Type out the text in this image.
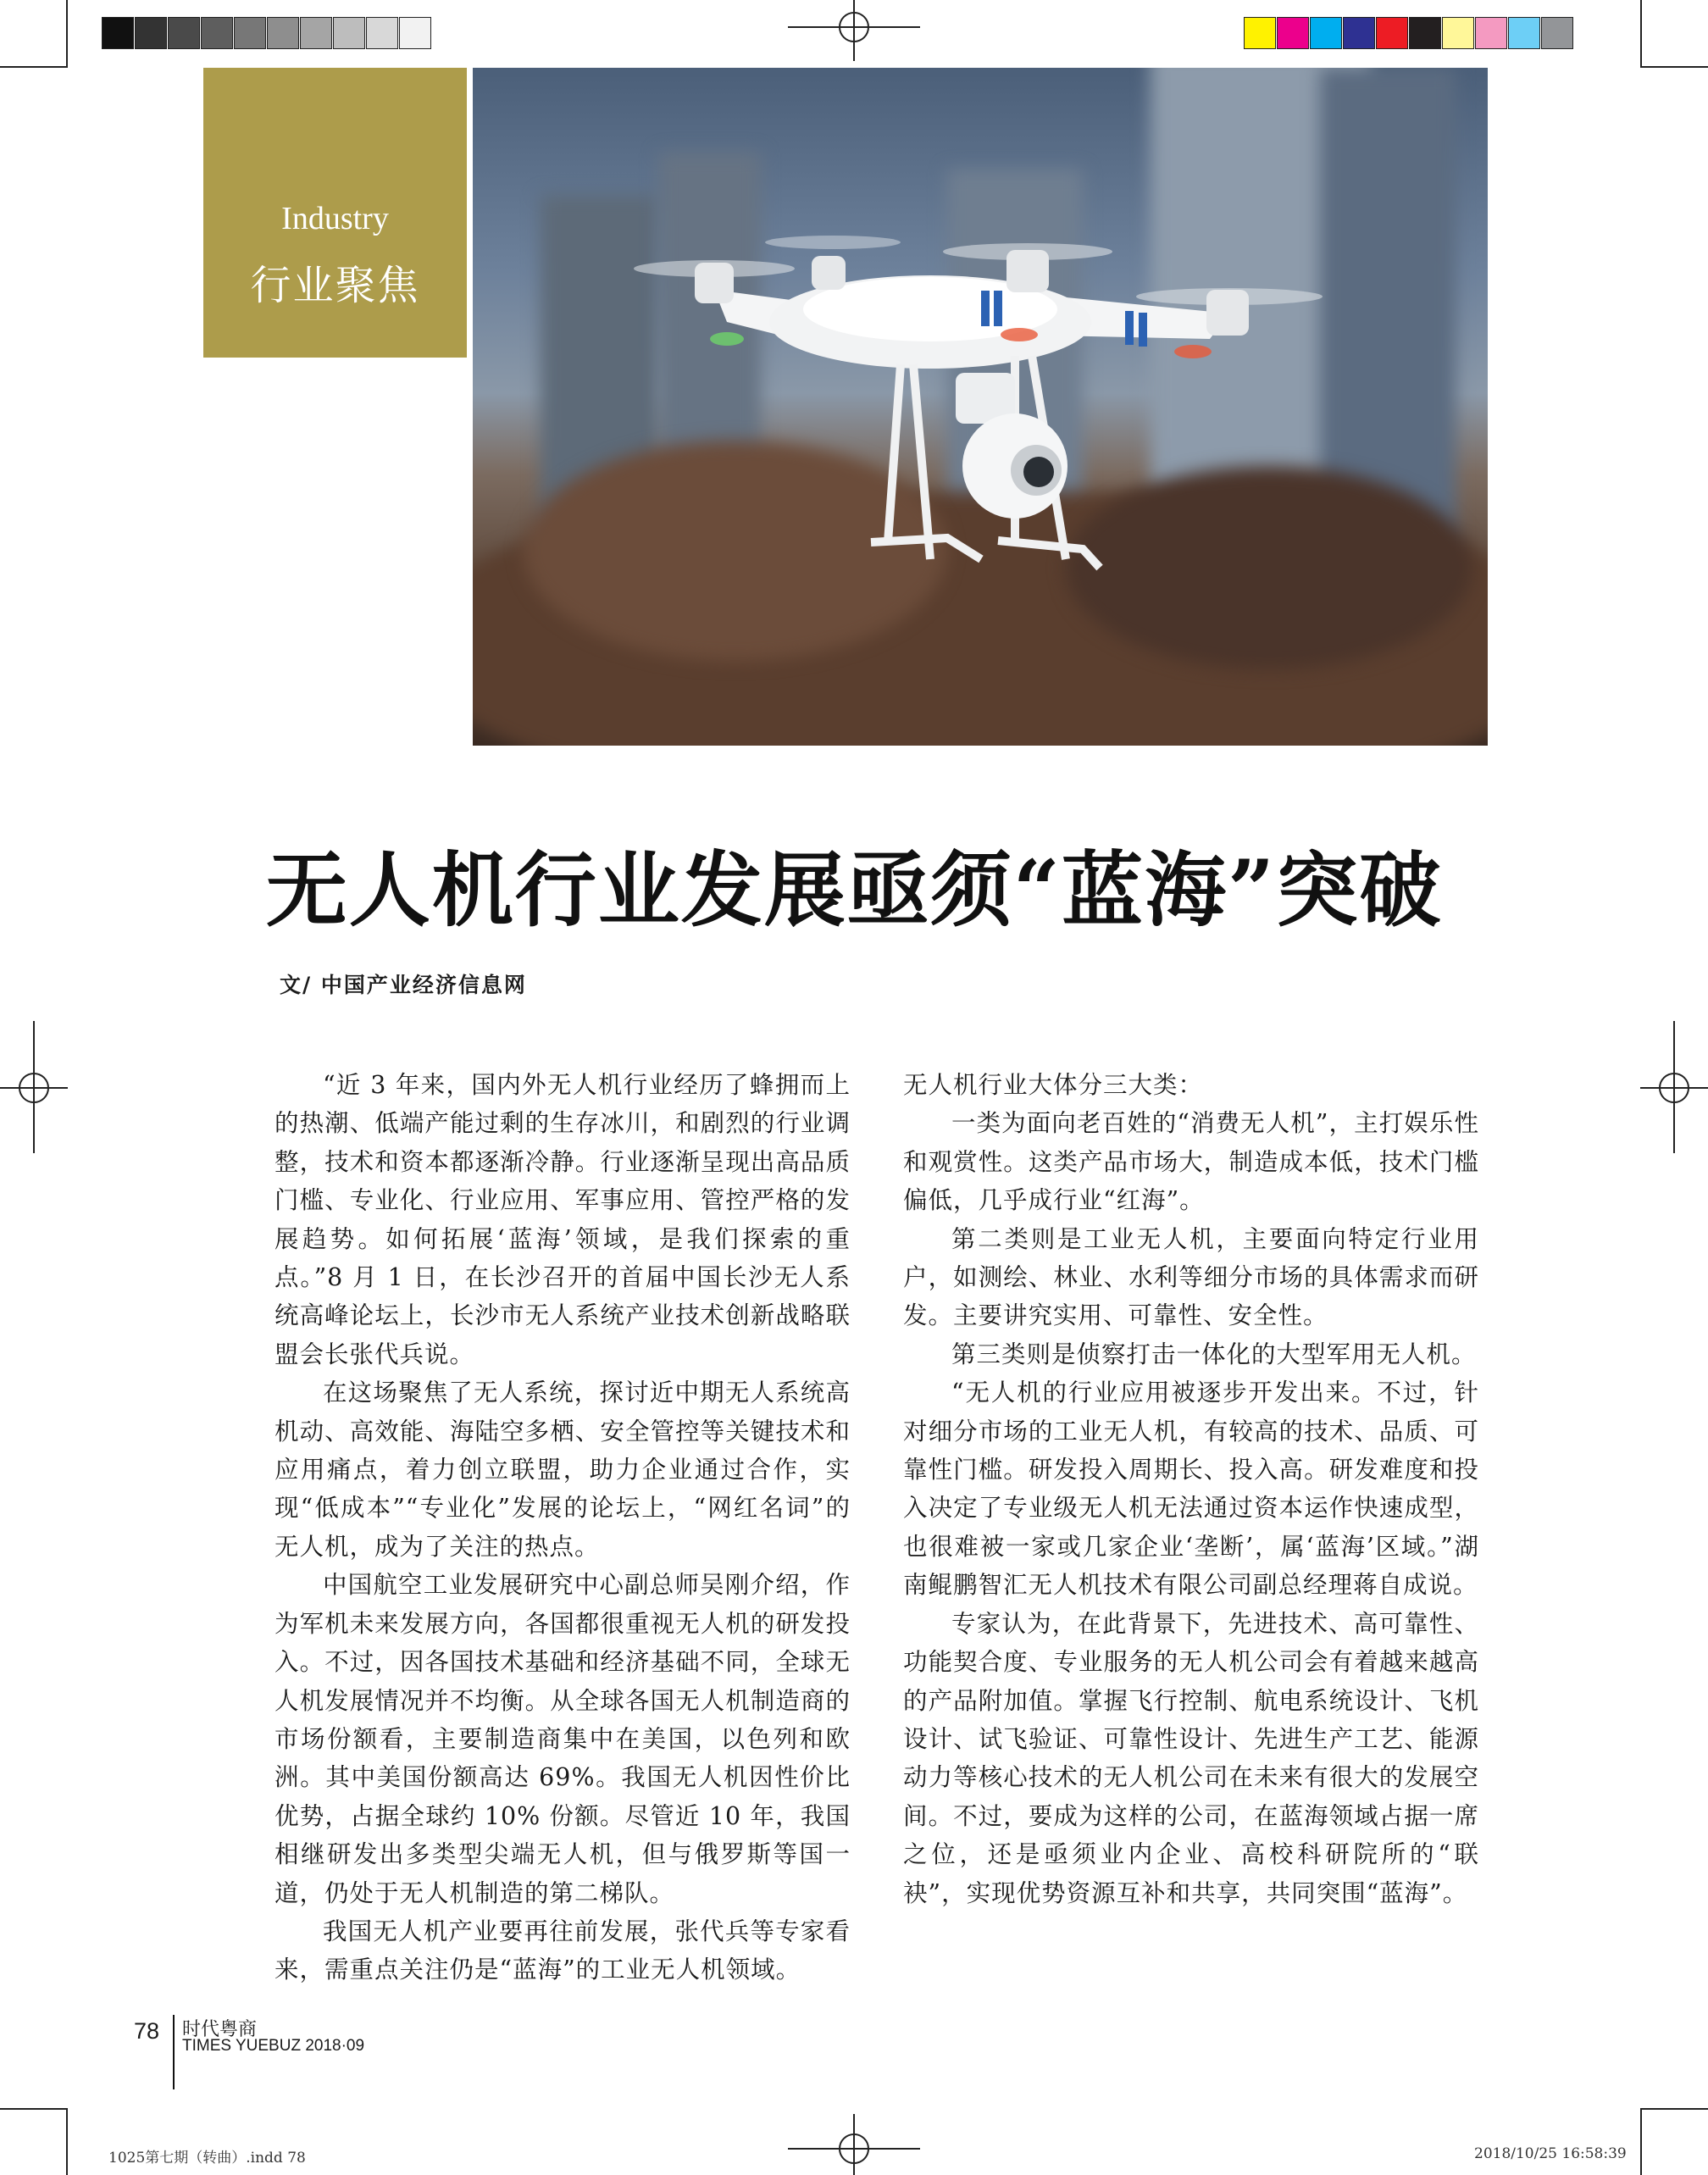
Industry
行业聚焦
无人机行业发展亟须“蓝海”突破
文/ 中国产业经济信息网

“近 3 年来，国内外无人机行业经历了蜂拥而上的热潮、低端产能过剩的生存冰川，和剧烈的行业调整，技术和资本都逐渐冷静。行业逐渐呈现出高品质门槛、专业化、行业应用、军事应用、管控严格的发展趋势。如何拓展‘蓝海’领域，是我们探索的重点。”8 月 1 日，在长沙召开的首届中国长沙无人系统高峰论坛上，长沙市无人系统产业技术创新战略联盟会长张代兵说。

在这场聚焦了无人系统，探讨近中期无人系统高机动、高效能、海陆空多栖、安全管控等关键技术和应用痛点，着力创立联盟，助力企业通过合作，实现“低成本”“专业化”发展的论坛上，“网红名词”的无人机，成为了关注的热点。

中国航空工业发展研究中心副总师吴刚介绍，作为军机未来发展方向，各国都很重视无人机的研发投入。不过，因各国技术基础和经济基础不同，全球无人机发展情况并不均衡。从全球各国无人机制造商的市场份额看，主要制造商集中在美国，以色列和欧洲。其中美国份额高达 69%。我国无人机因性价比优势，占据全球约 10% 份额。尽管近 10 年，我国相继研发出多类型尖端无人机，但与俄罗斯等国一道，仍处于无人机制造的第二梯队。

我国无人机产业要再往前发展，张代兵等专家看来，需重点关注仍是“蓝海”的工业无人机领域。

无人机行业大体分三大类：

一类为面向老百姓的“消费无人机”，主打娱乐性和观赏性。这类产品市场大，制造成本低，技术门槛偏低，几乎成行业“红海”。

第二类则是工业无人机，主要面向特定行业用户，如测绘、林业、水利等细分市场的具体需求而研发。主要讲究实用、可靠性、安全性。

第三类则是侦察打击一体化的大型军用无人机。

“无人机的行业应用被逐步开发出来。不过，针对细分市场的工业无人机，有较高的技术、品质、可靠性门槛。研发投入周期长、投入高。研发难度和投入决定了专业级无人机无法通过资本运作快速成型，也很难被一家或几家企业‘垄断’，属‘蓝海’区域。”湖南鲲鹏智汇无人机技术有限公司副总经理蒋自成说。

专家认为，在此背景下，先进技术、高可靠性、功能契合度、专业服务的无人机公司会有着越来越高的产品附加值。掌握飞行控制、航电系统设计、飞机设计、试飞验证、可靠性设计、先进生产工艺、能源动力等核心技术的无人机公司在未来有很大的发展空间。不过，要成为这样的公司，在蓝海领域占据一席之位，还是亟须业内企业、高校科研院所的“联袂”，实现优势资源互补和共享，共同突围“蓝海”。

78 时代粤商
TIMES YUEBUZ 2018·09
1025第七期（转曲）.indd 78	2018/10/25 16:58:39
